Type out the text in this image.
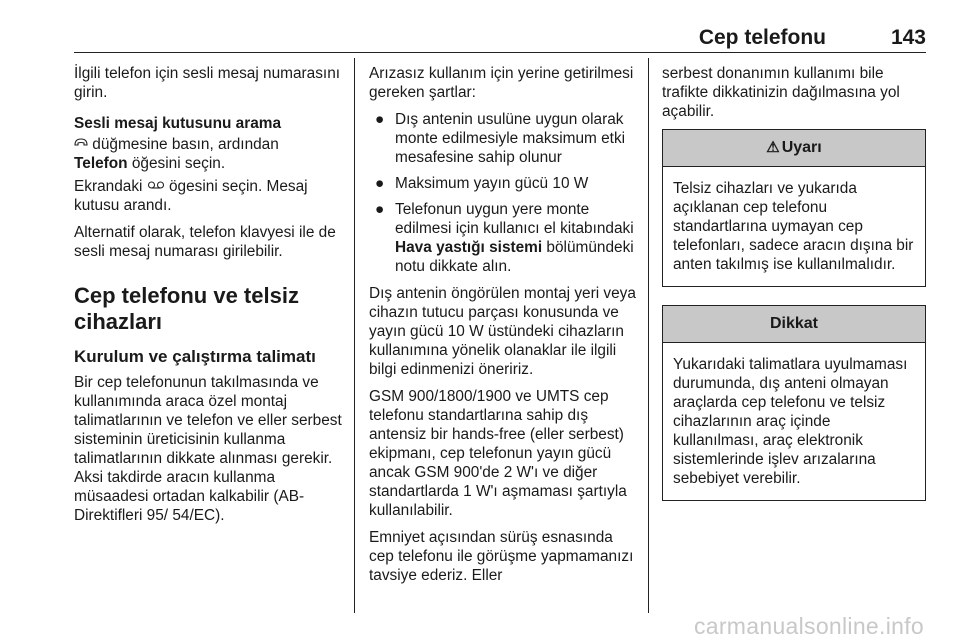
Cep telefonu	143

İlgili telefon için sesli mesaj numarasını girin.

Sesli mesaj kutusunu arama

düğmesine basın, ardından
Telefon öğesini seçin.

Ekrandaki  ögesini seçin. Mesaj kutusu arandı.

Alternatif olarak, telefon klavyesi ile de sesli mesaj numarası girilebilir.

Cep telefonu ve telsiz cihazları
Kurulum ve çalıştırma talimatı

Bir cep telefonunun takılmasında ve kullanımında araca özel montaj talimatlarının ve telefon ve eller serbest sisteminin üreticisinin kullanma talimatlarının dikkate alınması gerekir. Aksi takdirde aracın kullanma müsaadesi ortadan kalkabilir (AB-Direktifleri 95/ 54/EC).

Arızasız kullanım için yerine getirilmesi gereken şartlar:

● Dış antenin usulüne uygun olarak monte edilmesiyle maksimum etki mesafesine sahip olunur
● Maksimum yayın gücü 10 W
● Telefonun uygun yere monte edilmesi için kullanıcı el kitabındaki Hava yastığı sistemi bölümündeki notu dikkate alın.

Dış antenin öngörülen montaj yeri veya cihazın tutucu parçası konusunda ve yayın gücü 10 W üstündeki cihazların kullanımına yönelik olanaklar ile ilgili bilgi edinmenizi öneririz.

GSM 900/1800/1900 ve UMTS cep telefonu standartlarına sahip dış antensiz bir hands-free (eller serbest) ekipmanı, cep telefonun yayın gücü ancak GSM 900'de 2 W'ı ve diğer standartlarda 1 W'ı aşmaması şartıyla kullanılabilir.

Emniyet açısından sürüş esnasında cep telefonu ile görüşme yapmamanızı tavsiye ederiz. Eller

serbest donanımın kullanımı bile trafikte dikkatinizin dağılmasına yol açabilir.

⚠ Uyarı
Telsiz cihazları ve yukarıda açıklanan cep telefonu standartlarına uymayan cep telefonları, sadece aracın dışına bir anten takılmış ise kullanılmalıdır.
Dikkat
Yukarıdaki talimatlara uyulmaması durumunda, dış anteni olmayan araçlarda cep telefonu ve telsiz cihazlarının araç içinde kullanılması, araç elektronik sistemlerinde işlev arızalarına sebebiyet verebilir.
carmanualsonline.info
